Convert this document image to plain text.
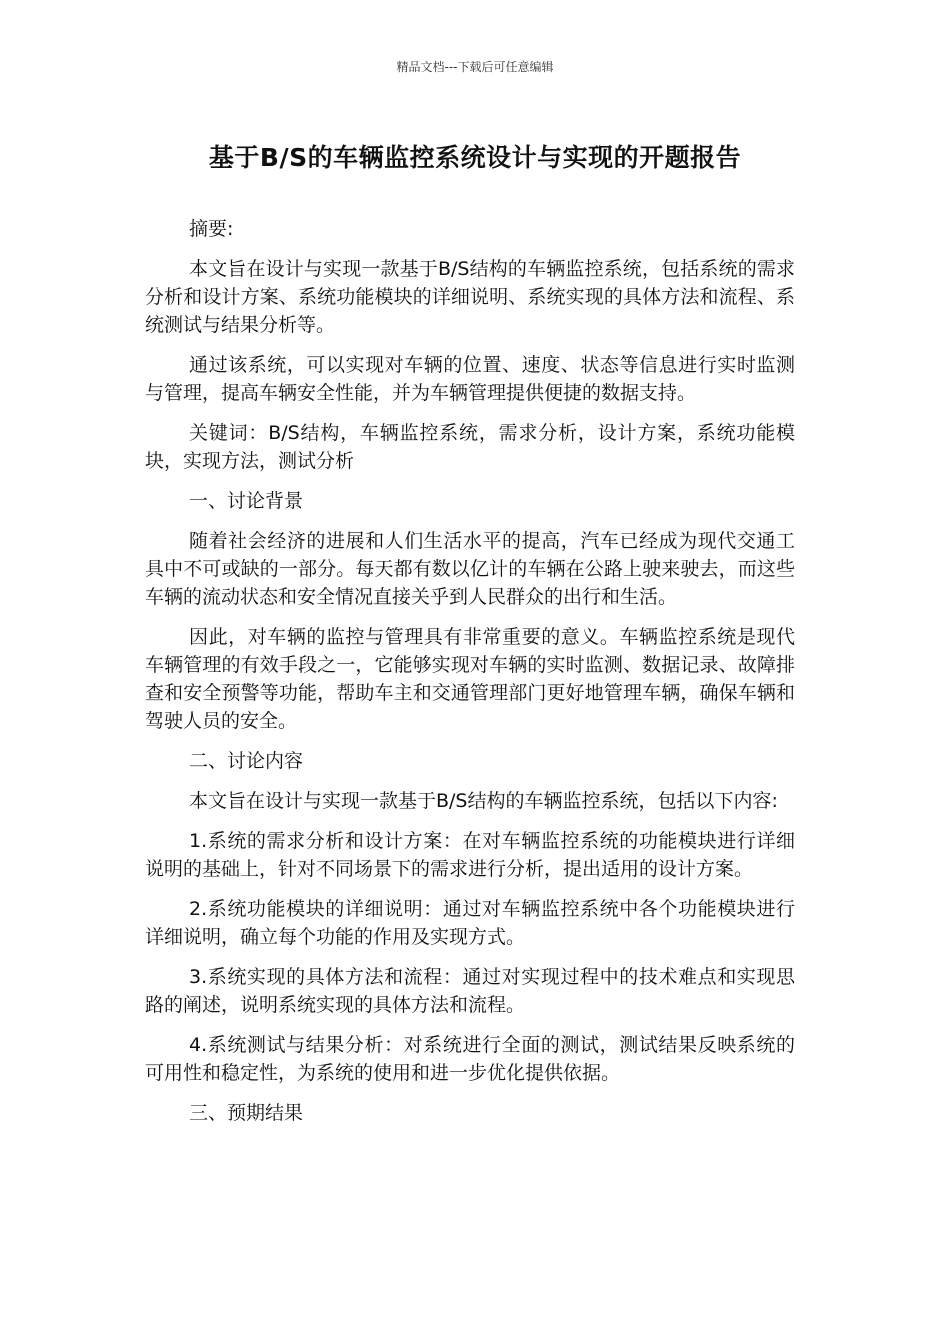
精品文档---下载后可任意编辑
基于B/S的车辆监控系统设计与实现的开题报告

摘要:

本文旨在设计与实现一款基于B/S结构的车辆监控系统，包括系统的需求分析和设计方案、系统功能模块的详细说明、系统实现的具体方法和流程、系统测试与结果分析等。

通过该系统，可以实现对车辆的位置、速度、状态等信息进行实时监测与管理，提高车辆安全性能，并为车辆管理提供便捷的数据支持。

关键词：B/S结构，车辆监控系统，需求分析，设计方案，系统功能模块，实现方法，测试分析

一、讨论背景

随着社会经济的进展和人们生活水平的提高，汽车已经成为现代交通工具中不可或缺的一部分。每天都有数以亿计的车辆在公路上驶来驶去，而这些车辆的流动状态和安全情况直接关乎到人民群众的出行和生活。

因此，对车辆的监控与管理具有非常重要的意义。车辆监控系统是现代车辆管理的有效手段之一，它能够实现对车辆的实时监测、数据记录、故障排查和安全预警等功能，帮助车主和交通管理部门更好地管理车辆，确保车辆和驾驶人员的安全。

二、讨论内容

本文旨在设计与实现一款基于B/S结构的车辆监控系统，包括以下内容:

1.系统的需求分析和设计方案：在对车辆监控系统的功能模块进行详细说明的基础上，针对不同场景下的需求进行分析，提出适用的设计方案。

2.系统功能模块的详细说明：通过对车辆监控系统中各个功能模块进行详细说明，确立每个功能的作用及实现方式。

3.系统实现的具体方法和流程：通过对实现过程中的技术难点和实现思路的阐述，说明系统实现的具体方法和流程。

4.系统测试与结果分析：对系统进行全面的测试，测试结果反映系统的可用性和稳定性，为系统的使用和进一步优化提供依据。

三、预期结果
